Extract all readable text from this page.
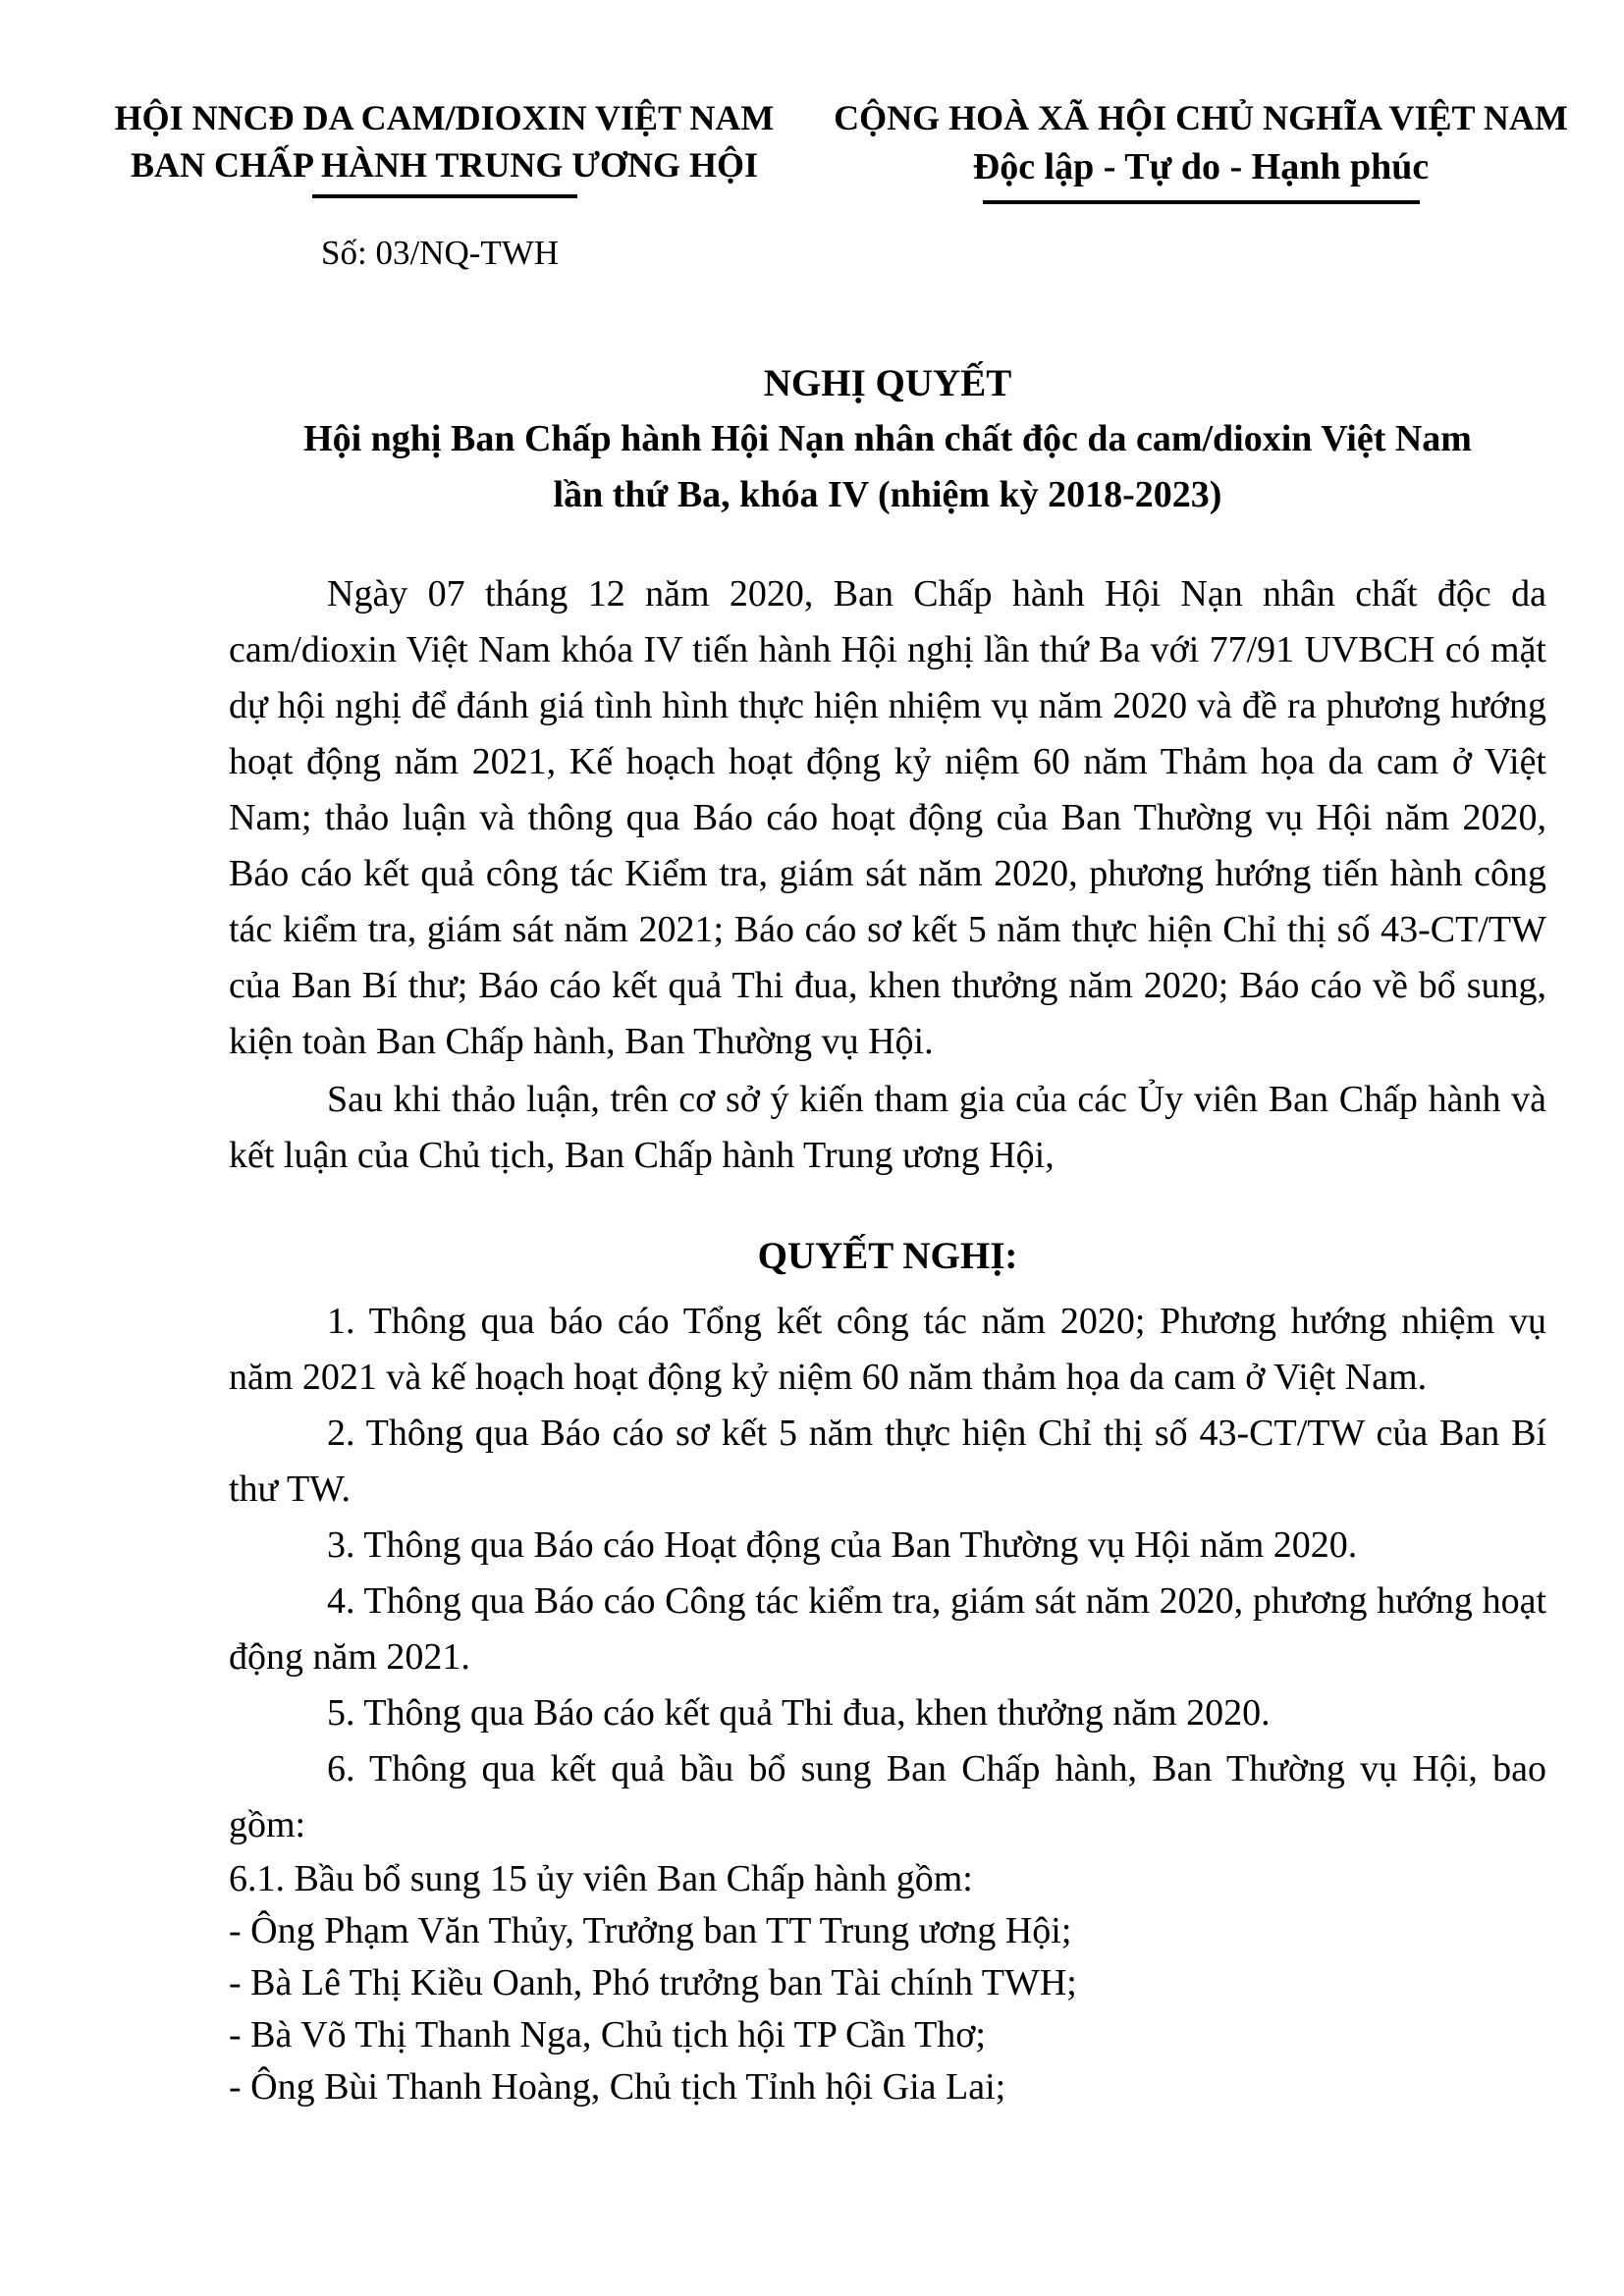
HỘI NNCĐ DA CAM/DIOXIN VIỆT NAM
BAN CHẤP HÀNH TRUNG ƯƠNG HỘI
CỘNG HOÀ XÃ HỘI CHỦ NGHĨA VIỆT NAM
Độc lập - Tự do - Hạnh phúc
Số: 03/NQ-TWH
NGHỊ QUYẾT
Hội nghị Ban Chấp hành Hội Nạn nhân chất độc da cam/dioxin Việt Nam
lần thứ Ba, khóa IV (nhiệm kỳ 2018-2023)

Ngày 07 tháng 12 năm 2020, Ban Chấp hành Hội Nạn nhân chất độc da cam/dioxin Việt Nam khóa IV tiến hành Hội nghị lần thứ Ba với 77/91 UVBCH có mặt dự hội nghị để đánh giá tình hình thực hiện nhiệm vụ năm 2020 và đề ra phương hướng hoạt động năm 2021, Kế hoạch hoạt động kỷ niệm 60 năm Thảm họa da cam ở Việt Nam; thảo luận và thông qua Báo cáo hoạt động của Ban Thường vụ Hội năm 2020, Báo cáo kết quả công tác Kiểm tra, giám sát năm 2020, phương hướng tiến hành công tác kiểm tra, giám sát năm 2021; Báo cáo sơ kết 5 năm thực hiện Chỉ thị số 43-CT/TW của Ban Bí thư; Báo cáo kết quả Thi đua, khen thưởng năm 2020; Báo cáo về bổ sung, kiện toàn Ban Chấp hành, Ban Thường vụ Hội.

Sau khi thảo luận, trên cơ sở ý kiến tham gia của các Ủy viên Ban Chấp hành và kết luận của Chủ tịch, Ban Chấp hành Trung ương Hội,

QUYẾT NGHỊ:

1. Thông qua báo cáo Tổng kết công tác năm 2020; Phương hướng nhiệm vụ năm 2021 và kế hoạch hoạt động kỷ niệm 60 năm thảm họa da cam ở Việt Nam.

2. Thông qua Báo cáo sơ kết 5 năm thực hiện Chỉ thị số 43-CT/TW của Ban Bí thư TW.

3. Thông qua Báo cáo Hoạt động của Ban Thường vụ Hội năm 2020.

4. Thông qua Báo cáo Công tác kiểm tra, giám sát năm 2020, phương hướng hoạt động năm 2021.

5. Thông qua Báo cáo kết quả Thi đua, khen thưởng năm 2020.

6. Thông qua kết quả bầu bổ sung Ban Chấp hành, Ban Thường vụ Hội, bao gồm:

6.1. Bầu bổ sung 15 ủy viên Ban Chấp hành gồm:

- Ông Phạm Văn Thủy, Trưởng ban TT Trung ương Hội;

- Bà Lê Thị Kiều Oanh, Phó trưởng ban Tài chính TWH;

- Bà Võ Thị Thanh Nga, Chủ tịch hội TP Cần Thơ;

- Ông Bùi Thanh Hoàng, Chủ tịch Tỉnh hội Gia Lai;
